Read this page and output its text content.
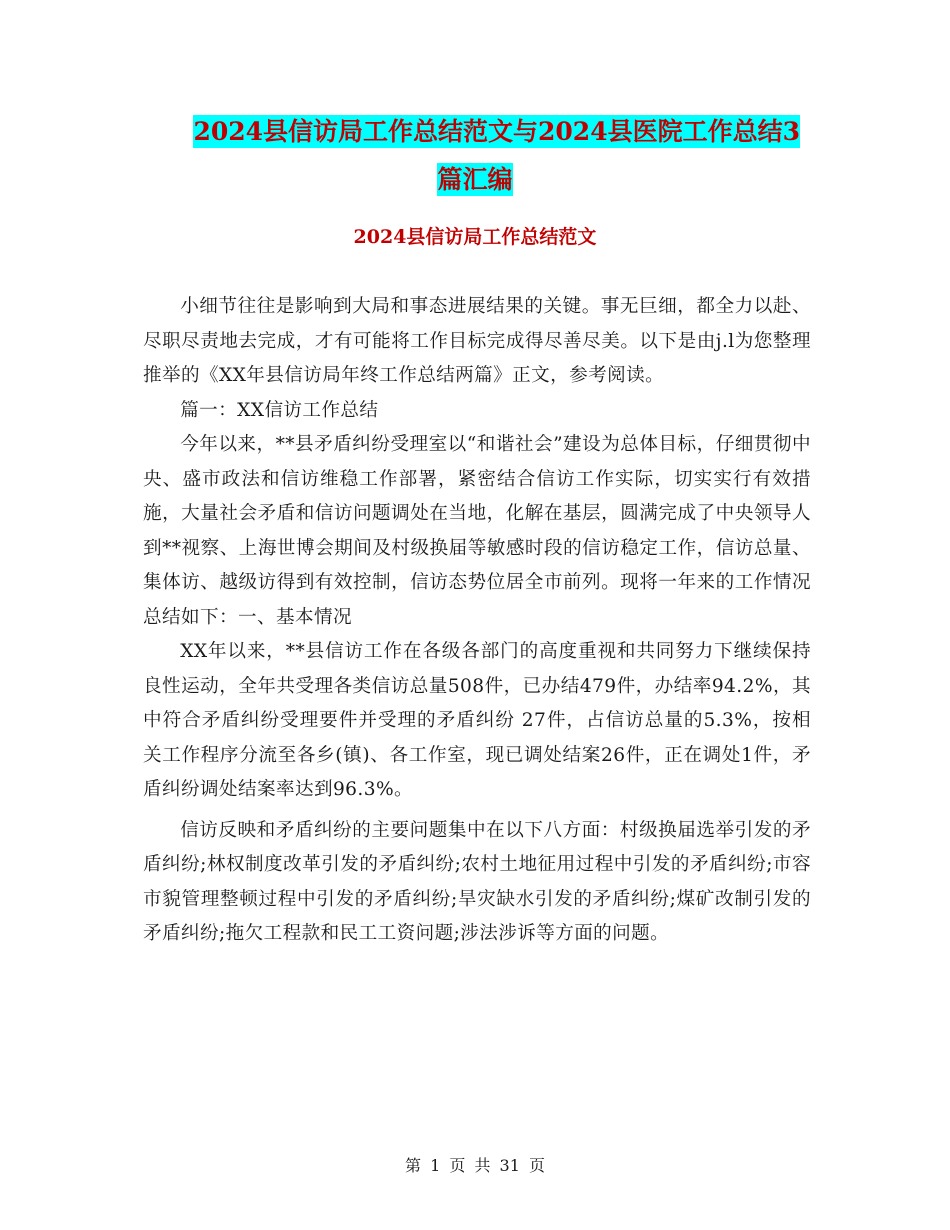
2024县信访局工作总结范文与2024县医院工作总结3
篇汇编
2024县信访局工作总结范文

小细节往往是影响到大局和事态进展结果的关键。事无巨细，都全力以赴、尽职尽责地去完成，才有可能将工作目标完成得尽善尽美。以下是由j.l为您整理推举的《XX年县信访局年终工作总结两篇》正文，参考阅读。

篇一：XX信访工作总结

今年以来，**县矛盾纠纷受理室以“和谐社会”建设为总体目标，仔细贯彻中央、盛市政法和信访维稳工作部署，紧密结合信访工作实际，切实实行有效措施，大量社会矛盾和信访问题调处在当地，化解在基层，圆满完成了中央领导人到**视察、上海世博会期间及村级换届等敏感时段的信访稳定工作，信访总量、集体访、越级访得到有效控制，信访态势位居全市前列。现将一年来的工作情况总结如下：一、基本情况

XX年以来，**县信访工作在各级各部门的高度重视和共同努力下继续保持良性运动，全年共受理各类信访总量508件，已办结479件，办结率94.2%，其中符合矛盾纠纷受理要件并受理的矛盾纠纷 27件，占信访总量的5.3%，按相关工作程序分流至各乡(镇)、各工作室，现已调处结案26件，正在调处1件，矛盾纠纷调处结案率达到96.3%。

信访反映和矛盾纠纷的主要问题集中在以下八方面：村级换届选举引发的矛盾纠纷;林权制度改革引发的矛盾纠纷;农村土地征用过程中引发的矛盾纠纷;市容市貌管理整顿过程中引发的矛盾纠纷;旱灾缺水引发的矛盾纠纷;煤矿改制引发的矛盾纠纷;拖欠工程款和民工工资问题;涉法涉诉等方面的问题。

第 1 页 共 31 页
